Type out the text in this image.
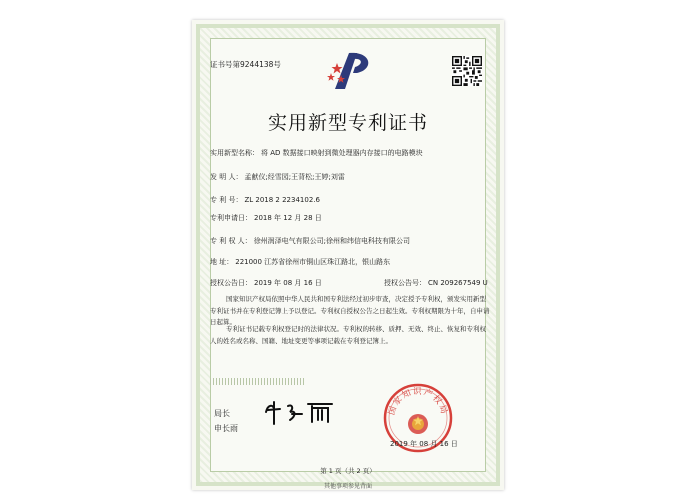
证书号第9244138号
实用新型专利证书
实用新型名称： 将 AD 数据接口映射到微处理器内存接口的电路模块
发 明 人： 孟献仪;经雪园;王背松;王婷;刘雷
专 利 号： ZL 2018 2 2234102.6
专利申请日： 2018 年 12 月 28 日
专 利 权 人： 徐州润泽电气有限公司;徐州和纬信电科技有限公司
地 址： 221000 江苏省徐州市铜山区珠江路北，银山路东
授权公告日： 2019 年 08 月 16 日	授权公告号： CN 209267549 U
国家知识产权局依照中华人民共和国专利法经过初步审查，决定授予专利权，颁发实用新型专利证书并在专利登记簿上予以登记。专利权自授权公告之日起生效。专利权期限为十年，自申请日起算。
专利证书记载专利权登记时的法律状况。专利权的转移、质押、无效、终止、恢复和专利权人的姓名或名称、国籍、地址变更等事项记载在专利登记簿上。
局长
申长雨
国家知识产权局
2019 年 08 月 16 日
第 1 页（共 2 页）
其他事项参见背面
